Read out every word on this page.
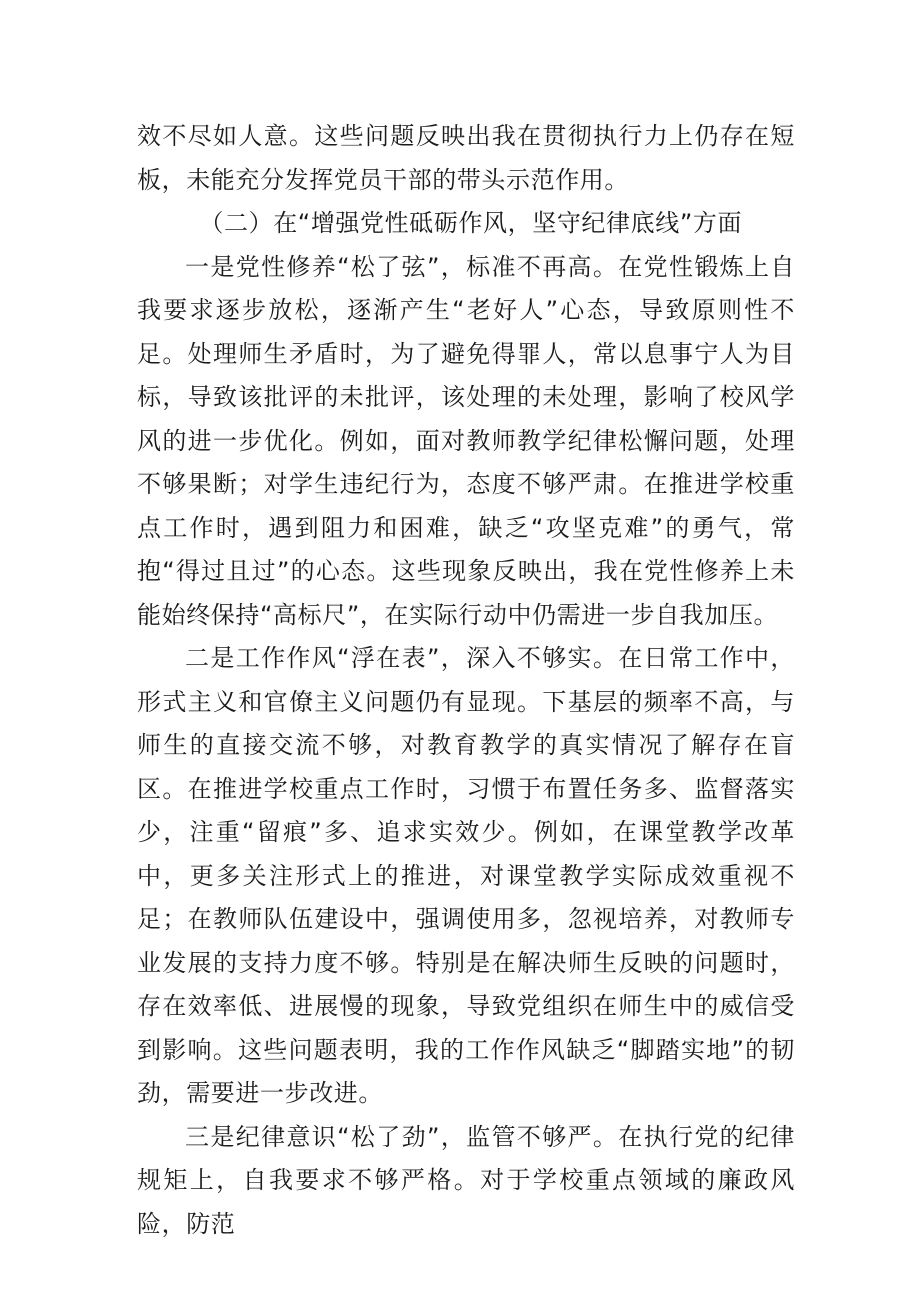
效不尽如人意。这些问题反映出我在贯彻执行力上仍存在短板，未能充分发挥党员干部的带头示范作用。

（二）在“增强党性砥砺作风，坚守纪律底线”方面

一是党性修养“松了弦”，标准不再高。在党性锻炼上自我要求逐步放松，逐渐产生“老好人”心态，导致原则性不足。处理师生矛盾时，为了避免得罪人，常以息事宁人为目标，导致该批评的未批评，该处理的未处理，影响了校风学风的进一步优化。例如，面对教师教学纪律松懈问题，处理不够果断；对学生违纪行为，态度不够严肃。在推进学校重点工作时，遇到阻力和困难，缺乏“攻坚克难”的勇气，常抱“得过且过”的心态。这些现象反映出，我在党性修养上未能始终保持“高标尺”，在实际行动中仍需进一步自我加压。

二是工作作风“浮在表”，深入不够实。在日常工作中，形式主义和官僚主义问题仍有显现。下基层的频率不高，与师生的直接交流不够，对教育教学的真实情况了解存在盲区。在推进学校重点工作时，习惯于布置任务多、监督落实少，注重“留痕”多、追求实效少。例如，在课堂教学改革中，更多关注形式上的推进，对课堂教学实际成效重视不足；在教师队伍建设中，强调使用多，忽视培养，对教师专业发展的支持力度不够。特别是在解决师生反映的问题时，存在效率低、进展慢的现象，导致党组织在师生中的威信受到影响。这些问题表明，我的工作作风缺乏“脚踏实地”的韧劲，需要进一步改进。

三是纪律意识“松了劲”，监管不够严。在执行党的纪律规矩上，自我要求不够严格。对于学校重点领域的廉政风险，防范
